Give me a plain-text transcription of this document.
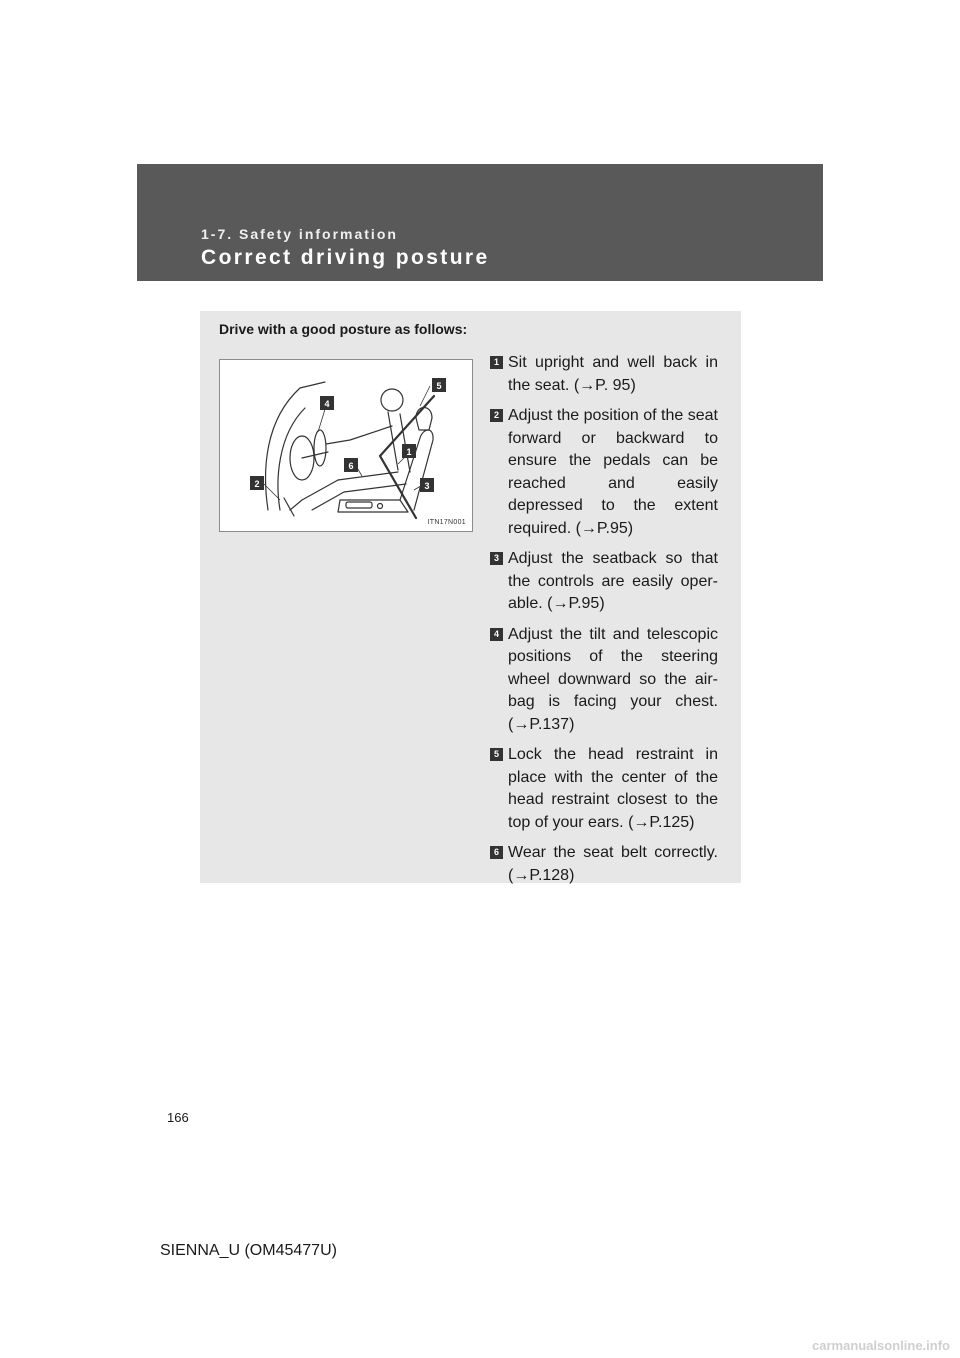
1-7. Safety information
Correct driving posture
Drive with a good posture as follows:
5
4
1
6
2	3
ITN17N001
1 Sit upright and well back in the seat. (→P. 95)
2 Adjust the position of the seat forward or backward to ensure the pedals can be reached and easily depressed to the extent required. (→P.95)
3 Adjust the seatback so that the controls are easily oper- able. (→P.95)
4 Adjust the tilt and telescopic positions of the steering wheel downward so the air- bag is facing your chest. (→P.137)
5 Lock the head restraint in place with the center of the head restraint closest to the top of your ears. (→P.125)
6 Wear the seat belt correctly. (→P.128)
166
SIENNA_U (OM45477U)
carmanualsonline.info
